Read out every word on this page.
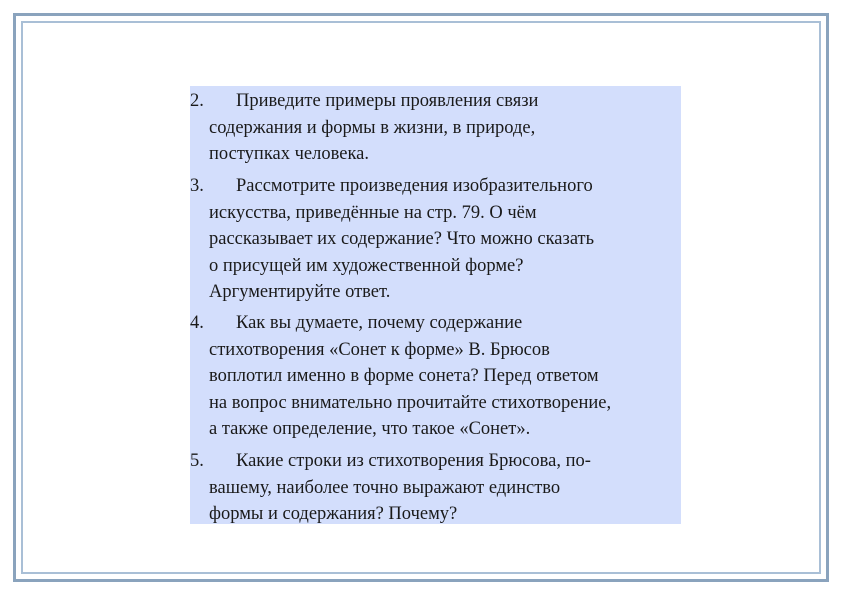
2.	Приведите примеры проявления связи
содержания и формы в жизни, в природе,
поступках человека.
3.	Рассмотрите произведения изобразительного
искусства, приведённые на стр. 79. О чём
рассказывает их содержание? Что можно сказать
о присущей им художественной форме?
Аргументируйте ответ.
4.	Как вы думаете, почему содержание
стихотворения «Сонет к форме» В. Брюсов
воплотил именно в форме сонета? Перед ответом
на вопрос внимательно прочитайте стихотворение,
а также определение, что такое «Сонет».
5.	Какие строки из стихотворения Брюсова, по-
вашему, наиболее точно выражают единство
формы и содержания? Почему?
